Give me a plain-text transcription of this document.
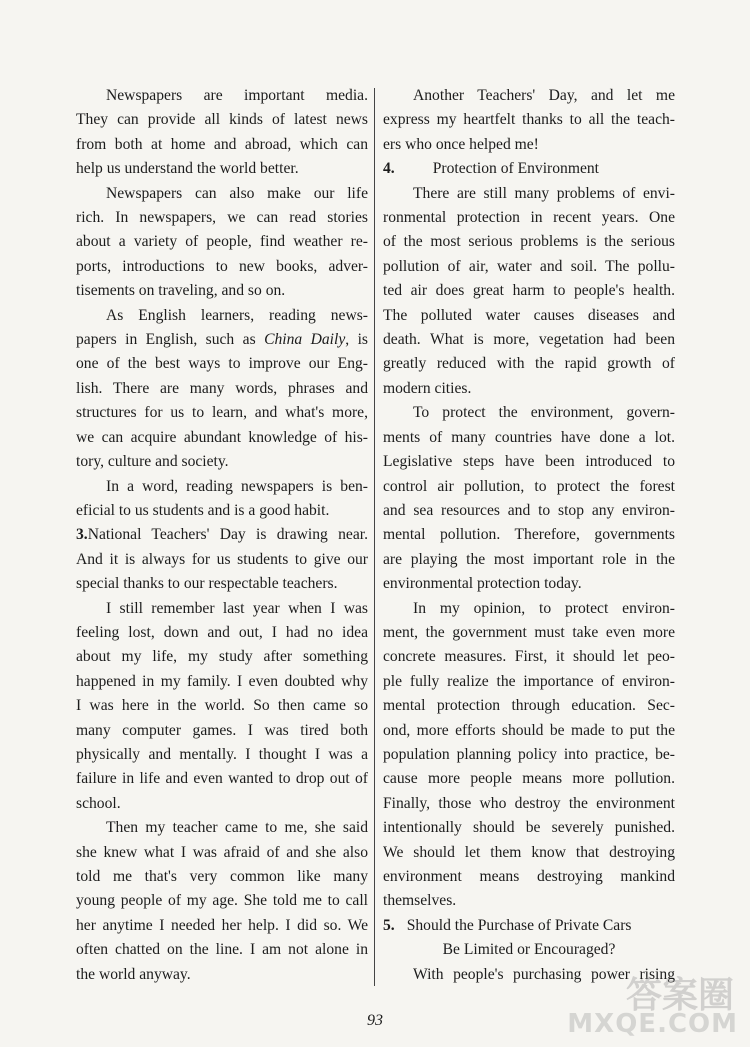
Newspapers are important media.
They can provide all kinds of latest news
from both at home and abroad, which can
help us understand the world better.
Newspapers can also make our life
rich. In newspapers, we can read stories
about a variety of people, find weather re-
ports, introductions to new books, adver-
tisements on traveling, and so on.
As English learners, reading news-
papers in English, such as China Daily, is
one of the best ways to improve our Eng-
lish. There are many words, phrases and
structures for us to learn, and what's more,
we can acquire abundant knowledge of his-
tory, culture and society.
In a word, reading newspapers is ben-
eficial to us students and is a good habit.
3.National Teachers' Day is drawing near.
And it is always for us students to give our
special thanks to our respectable teachers.
I still remember last year when I was
feeling lost, down and out, I had no idea
about my life, my study after something
happened in my family. I even doubted why
I was here in the world. So then came so
many computer games. I was tired both
physically and mentally. I thought I was a
failure in life and even wanted to drop out of
school.
Then my teacher came to me, she said
she knew what I was afraid of and she also
told me that's very common like many
young people of my age. She told me to call
her anytime I needed her help. I did so. We
often chatted on the line. I am not alone in
the world anyway.
Another Teachers' Day, and let me
express my heartfelt thanks to all the teach-
ers who once helped me!
4. Protection of Environment
There are still many problems of envi-
ronmental protection in recent years. One
of the most serious problems is the serious
pollution of air, water and soil. The pollu-
ted air does great harm to people's health.
The polluted water causes diseases and
death. What is more, vegetation had been
greatly reduced with the rapid growth of
modern cities.
To protect the environment, govern-
ments of many countries have done a lot.
Legislative steps have been introduced to
control air pollution, to protect the forest
and sea resources and to stop any environ-
mental pollution. Therefore, governments
are playing the most important role in the
environmental protection today.
In my opinion, to protect environ-
ment, the government must take even more
concrete measures. First, it should let peo-
ple fully realize the importance of environ-
mental protection through education. Sec-
ond, more efforts should be made to put the
population planning policy into practice, be-
cause more people means more pollution.
Finally, those who destroy the environment
intentionally should be severely punished.
We should let them know that destroying
environment means destroying mankind
themselves.
5. Should the Purchase of Private Cars
Be Limited or Encouraged?
With people's purchasing power rising
93
答案圈
MXQE.COM
